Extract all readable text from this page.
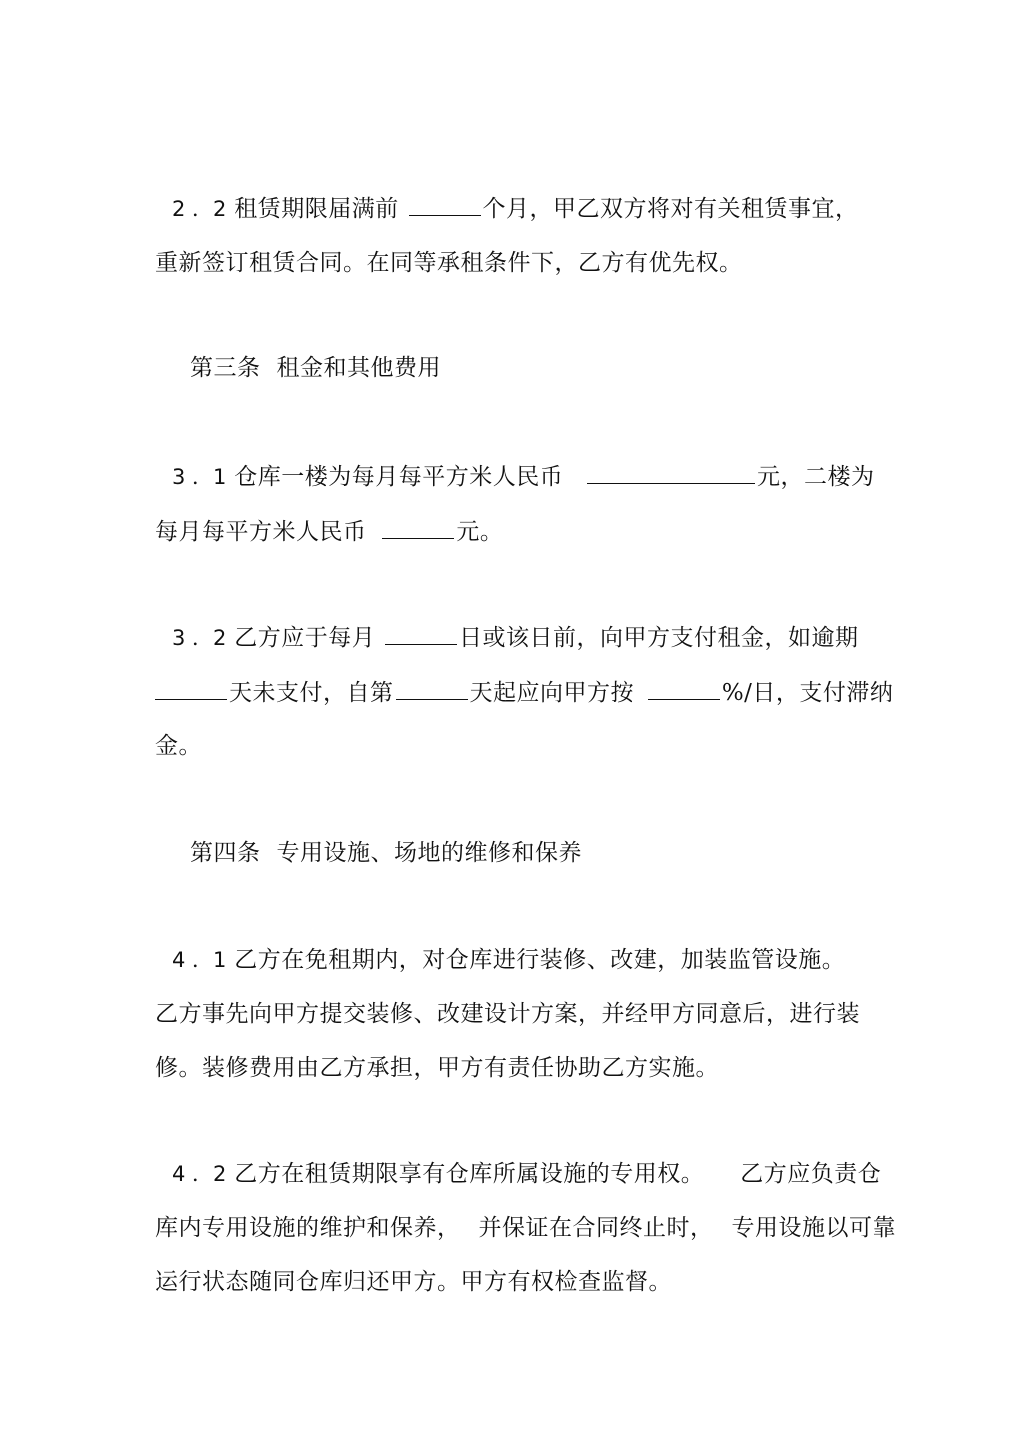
2 ．2 租赁期限届满前	个月，甲乙双方将对有关租赁事宜，
重新签订租赁合同。在同等承租条件下，乙方有优先权。
第三条 租金和其他费用
3 ．1 仓库一楼为每月每平方米人民币	元，二楼为
每月每平方米人民币	元。
3 ．2 乙方应于每月	日或该日前，向甲方支付租金，如逾期
天未支付，自第	天起应向甲方按	%/日，支付滞纳
金。
第四条 专用设施、场地的维修和保养
4 ．1 乙方在免租期内，对仓库进行装修、改建，加装监管设施。
乙方事先向甲方提交装修、改建设计方案，并经甲方同意后，进行装
修。装修费用由乙方承担，甲方有责任协助乙方实施。
4 ．2 乙方在租赁期限享有仓库所属设施的专用权。 乙方应负责仓
库内专用设施的维护和保养， 并保证在合同终止时， 专用设施以可靠
运行状态随同仓库归还甲方。甲方有权检查监督。
